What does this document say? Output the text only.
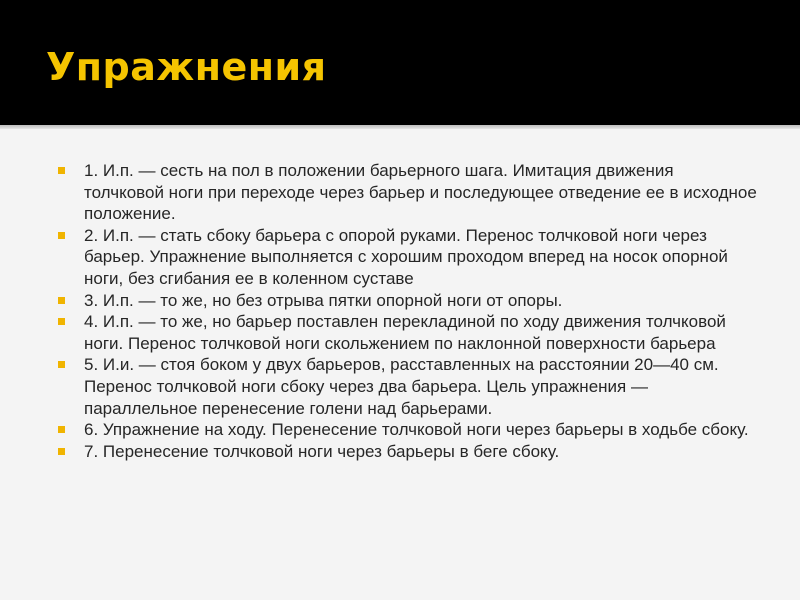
Упражнения
1. И.п. — сесть на пол в положении барьерного шага. Имитация движения толчковой ноги при переходе через барьер и последующее отведение ее в исходное положение.
2. И.п. — стать сбоку барьера с опорой руками. Перенос толчковой ноги через барьер. Упражнение выполняется с хорошим проходом вперед на носок опорной ноги, без сгибания ее в коленном суставе
3. И.п. — то же, но без отрыва пятки опорной ноги от опоры.
4. И.п. — то же, но барьер поставлен перекладиной по ходу движения толчковой ноги. Перенос толчковой ноги скольжением по наклонной поверхности барьера
5. И.и. — стоя боком у двух барьеров, расставленных на расстоянии 20—40 см. Перенос толчковой ноги сбоку через два барьера. Цель упражнения — параллельное перенесение голени над барьерами.
6. Упражнение на ходу. Перенесение толчковой ноги через барьеры в ходьбе сбоку.
7. Перенесение толчковой ноги через барьеры в беге сбоку.
